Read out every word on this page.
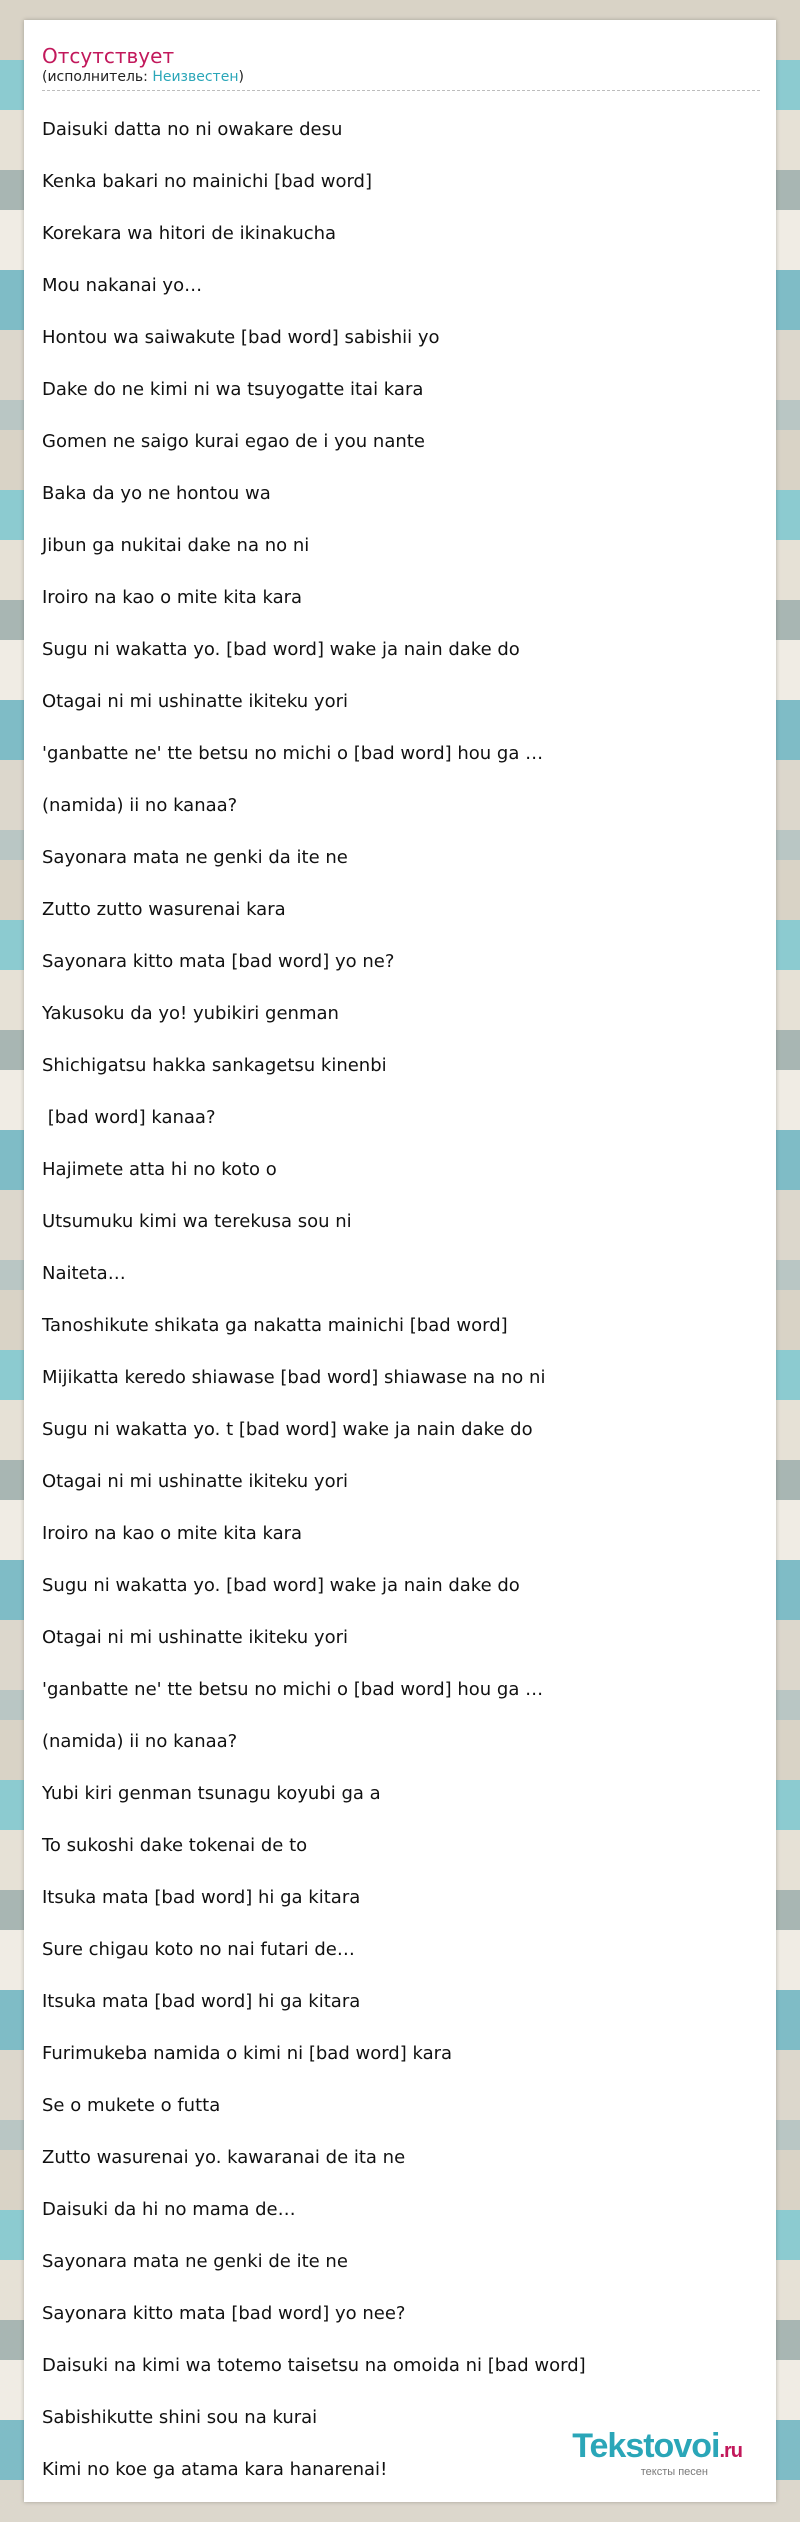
Отсутствует
(исполнитель: Неизвестен)
Daisuki datta no ni owakare desu
Kenka bakari no mainichi [bad word]
Korekara wa hitori de ikinakucha
Mou nakanai yo…
Hontou wa saiwakute [bad word] sabishii yo
Dake do ne kimi ni wa tsuyogatte itai kara
Gomen ne saigo kurai egao de i you nante
Baka da yo ne hontou wa
Jibun ga nukitai dake na no ni
Iroiro na kao o mite kita kara
Sugu ni wakatta yo. [bad word] wake ja nain dake do
Otagai ni mi ushinatte ikiteku yori
'ganbatte ne' tte betsu no michi o [bad word] hou ga …
(namida) ii no kanaa?
Sayonara mata ne genki da ite ne
Zutto zutto wasurenai kara
Sayonara kitto mata [bad word] yo ne?
Yakusoku da yo! yubikiri genman
Shichigatsu hakka sankagetsu kinenbi
[bad word] kanaa?
Hajimete atta hi no koto o
Utsumuku kimi wa terekusa sou ni
Naiteta…
Tanoshikute shikata ga nakatta mainichi [bad word]
Mijikatta keredo shiawase [bad word] shiawase na no ni
Sugu ni wakatta yo. t [bad word] wake ja nain dake do
Otagai ni mi ushinatte ikiteku yori
Iroiro na kao o mite kita kara
Sugu ni wakatta yo. [bad word] wake ja nain dake do
Otagai ni mi ushinatte ikiteku yori
'ganbatte ne' tte betsu no michi o [bad word] hou ga …
(namida) ii no kanaa?
Yubi kiri genman tsunagu koyubi ga a
To sukoshi dake tokenai de to
Itsuka mata [bad word] hi ga kitara
Sure chigau koto no nai futari de…
Itsuka mata [bad word] hi ga kitara
Furimukeba namida o kimi ni [bad word] kara
Se o mukete o futta
Zutto wasurenai yo. kawaranai de ita ne
Daisuki da hi no mama de…
Sayonara mata ne genki de ite ne
Sayonara kitto mata [bad word] yo nee?
Daisuki na kimi wa totemo taisetsu na omoida ni [bad word]
Sabishikutte shini sou na kurai
Kimi no koe ga atama kara hanarenai!
Tekstovoi.ru
тексты песен
